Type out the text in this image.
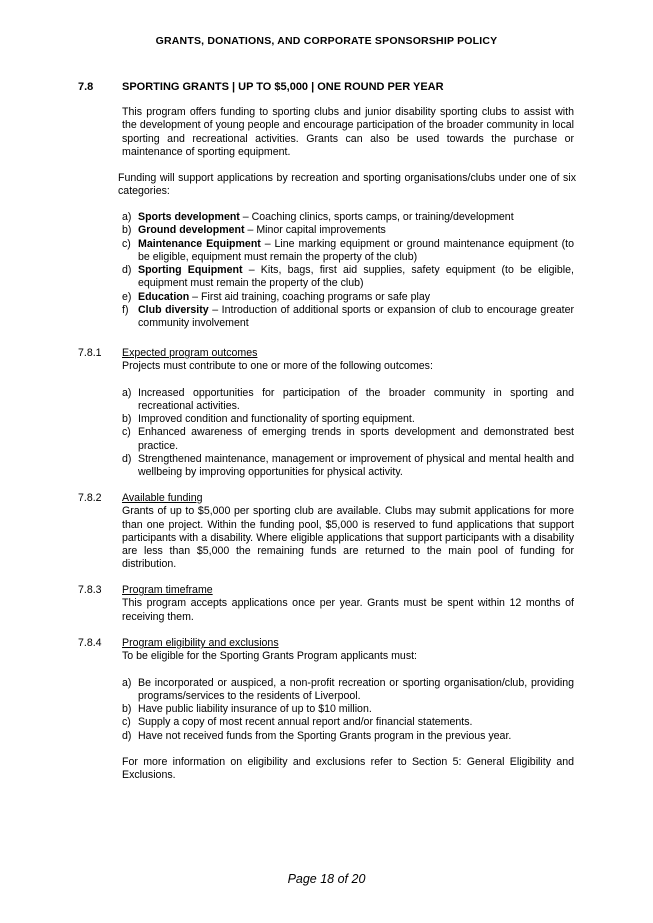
GRANTS, DONATIONS, AND CORPORATE SPONSORSHIP POLICY
7.8	SPORTING GRANTS | UP TO $5,000 | ONE ROUND PER YEAR

This program offers funding to sporting clubs and junior disability sporting clubs to assist with the development of young people and encourage participation of the broader community in local sporting and recreational activities. Grants can also be used towards the purchase or maintenance of sporting equipment.

Funding will support applications by recreation and sporting organisations/clubs under one of six categories:

a) Sports development – Coaching clinics, sports camps, or training/development
b) Ground development – Minor capital improvements
c) Maintenance Equipment – Line marking equipment or ground maintenance equipment (to be eligible, equipment must remain the property of the club)
d) Sporting Equipment – Kits, bags, first aid supplies, safety equipment (to be eligible, equipment must remain the property of the club)
e) Education – First aid training, coaching programs or safe play
f) Club diversity – Introduction of additional sports or expansion of club to encourage greater community involvement
7.8.1 Expected program outcomes
Projects must contribute to one or more of the following outcomes:
a) Increased opportunities for participation of the broader community in sporting and recreational activities.
b) Improved condition and functionality of sporting equipment.
c) Enhanced awareness of emerging trends in sports development and demonstrated best practice.
d) Strengthened maintenance, management or improvement of physical and mental health and wellbeing by improving opportunities for physical activity.
7.8.2 Available funding
Grants of up to $5,000 per sporting club are available. Clubs may submit applications for more than one project. Within the funding pool, $5,000 is reserved to fund applications that support participants with a disability. Where eligible applications that support participants with a disability are less than $5,000 the remaining funds are returned to the main pool of funding for distribution.
7.8.3 Program timeframe
This program accepts applications once per year. Grants must be spent within 12 months of receiving them.
7.8.4 Program eligibility and exclusions
To be eligible for the Sporting Grants Program applicants must:
a) Be incorporated or auspiced, a non-profit recreation or sporting organisation/club, providing programs/services to the residents of Liverpool.
b) Have public liability insurance of up to $10 million.
c) Supply a copy of most recent annual report and/or financial statements.
d) Have not received funds from the Sporting Grants program in the previous year.
For more information on eligibility and exclusions refer to Section 5: General Eligibility and Exclusions.
Page 18 of 20
